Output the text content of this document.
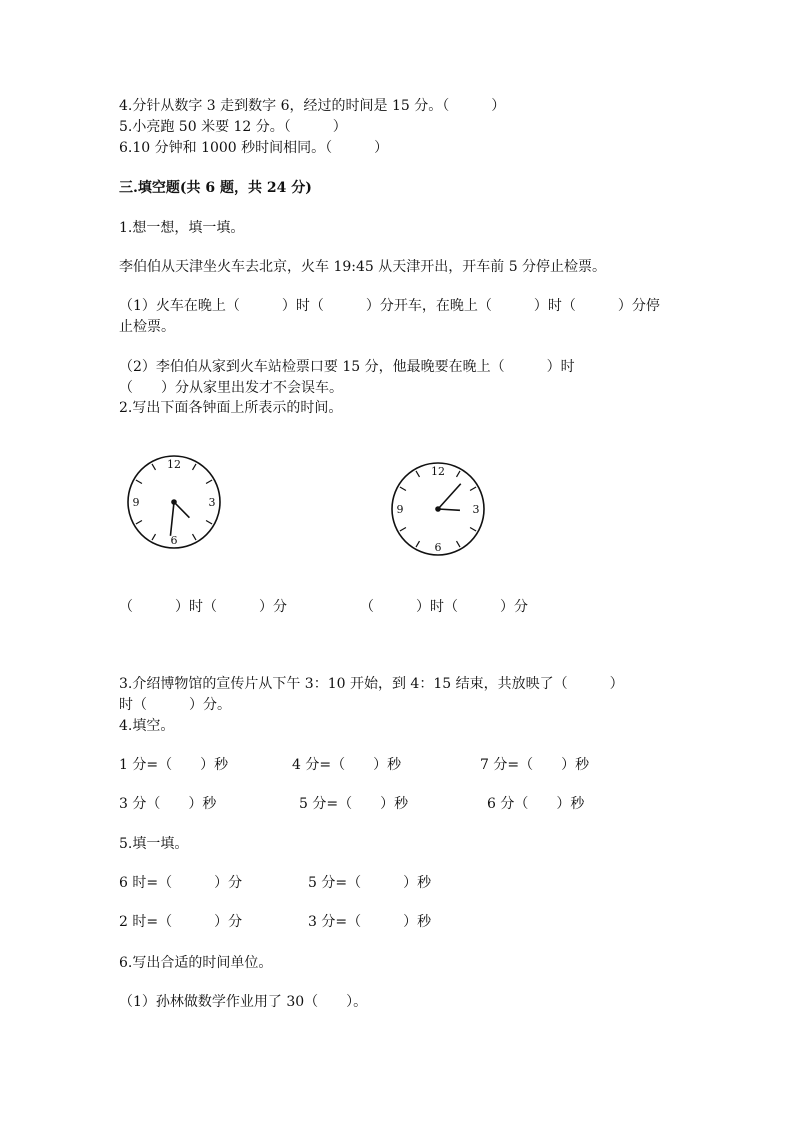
4.分针从数字 3 走到数字 6，经过的时间是 15 分。（　　　）
5.小亮跑 50 米要 12 分。（　　　）
6.10 分钟和 1000 秒时间相同。（　　　）
三.填空题(共 6 题，共 24 分)
1.想一想，填一填。
李伯伯从天津坐火车去北京，火车 19:45 从天津开出，开车前 5 分停止检票。
（1）火车在晚上（　　　）时（　　　）分开车，在晚上（　　　）时（　　　）分停
止检票。
（2）李伯伯从家到火车站检票口要 15 分，他最晚要在晚上（　　　）时
（　　）分从家里出发才不会误车。
2.写出下面各钟面上所表示的时间。
12
3
6
9
12
3
6
9
（　　　）时（　　　）分	（　　　）时（　　　）分
3.介绍博物馆的宣传片从下午 3：10 开始，到 4：15 结束，共放映了（　　　）
时（　　　）分。
4.填空。
1 分=（　　）秒	4 分=（　　）秒	7 分=（　　）秒
3 分（　　）秒	5 分=（　　）秒	6 分（　　）秒
5.填一填。
6 时=（　　　）分	5 分=（　　　）秒
2 时=（　　　）分	3 分=（　　　）秒
6.写出合适的时间单位。
（1）孙林做数学作业用了 30（　　）。
